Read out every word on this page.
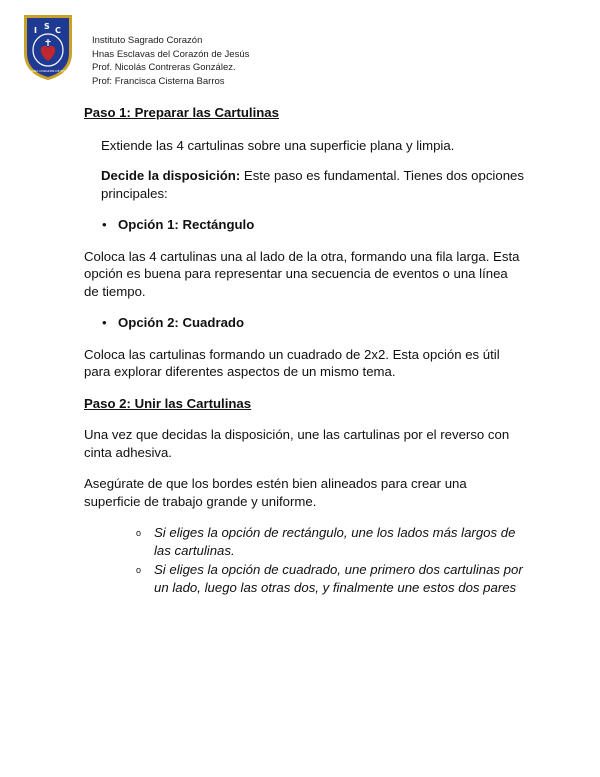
I S C
REGINA CORAZÓN DE JESÚS
Instituto Sagrado Corazón
Hnas Esclavas del Corazón de Jesús
Prof. Nicolás Contreras González.
Prof: Francisca Cisterna Barros

Paso 1: Preparar las Cartulinas

Extiende las 4 cartulinas sobre una superficie plana y limpia.

Decide la disposición: Este paso es fundamental. Tienes dos opciones principales:

• Opción 1: Rectángulo

Coloca las 4 cartulinas una al lado de la otra, formando una fila larga. Esta opción es buena para representar una secuencia de eventos o una línea de tiempo.

• Opción 2: Cuadrado

Coloca las cartulinas formando un cuadrado de 2x2. Esta opción es útil para explorar diferentes aspectos de un mismo tema.

Paso 2: Unir las Cartulinas

Una vez que decidas la disposición, une las cartulinas por el reverso con cinta adhesiva.

Asegúrate de que los bordes estén bien alineados para crear una superficie de trabajo grande y uniforme.

o Si eliges la opción de rectángulo, une los lados más largos de las cartulinas.

o Si eliges la opción de cuadrado, une primero dos cartulinas por un lado, luego las otras dos, y finalmente une estos dos pares
